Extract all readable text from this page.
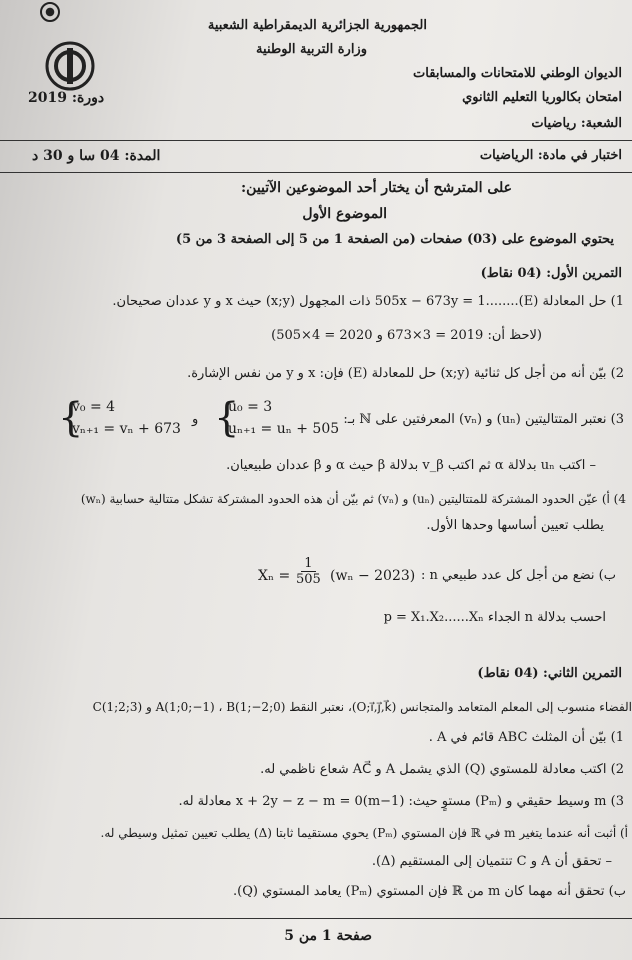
الجمهورية الجزائرية الديمقراطية الشعبية
وزارة التربية الوطنية
الديوان الوطني للامتحانات والمسابقات
امتحان بكالوريا التعليم الثانوي
دورة: 2019
الشعبة: رياضيات
اختبار في مادة: الرياضيات
المدة: 04 سا و 30 د
على المترشح أن يختار أحد الموضوعين الآتيين:
الموضوع الأول
يحتوي الموضوع على (03) صفحات (من الصفحة 1 من 5 إلى الصفحة 3 من 5)
التمرين الأول: (04 نقاط)
1) حل المعادلة (E)........505x − 673y = 1 ذات المجهول (x;y) حيث x و y عددان صحيحان.
(لاحظ أن: 2019 = 3×673 و 2020 = 4×505)
2) بيّن أنه من أجل كل ثنائية (x;y) حل للمعادلة (E) فإن: x و y من نفس الإشارة.
3) نعتبر المتتاليتين (uₙ) و (vₙ) المعرفتين على ℕ بـ:
{
u₀ = 3
uₙ₊₁ = uₙ + 505
و
{
v₀ = 4
vₙ₊₁ = vₙ + 673
– اكتب uₙ بدلالة α ثم اكتب v_β بدلالة β حيث α و β عددان طبيعيان.
4) أ) عيّن الحدود المشتركة للمتتاليتين (uₙ) و (vₙ) ثم بيّن أن هذه الحدود المشتركة تشكل متتالية حسابية (wₙ)
يطلب تعيين أساسها وحدها الأول.
ب) نضع من أجل كل عدد طبيعي n :
$X_n = \frac{1}{505} (w_n - 2023)$
احسب بدلالة n الجداء p = X₁.X₂......Xₙ
التمرين الثاني: (04 نقاط)
الفضاء منسوب إلى المعلم المتعامد والمتجانس (O;i⃗,j⃗,k⃗)، نعتبر النقط A(1;0;−1) ، B(1;−2;0) و C(1;2;3)
1) بيّن أن المثلث ABC قائم في A .
2) اكتب معادلة للمستوي (Q) الذي يشمل A و AC⃗ شعاع ناظمي له.
3) m وسيط حقيقي و (Pₘ) مستوٍ حيث: (m−1)x + 2y − z − m = 0 معادلة له.
أ) أثبت أنه عندما يتغير m في ℝ فإن المستوي (Pₘ) يحوي مستقيما ثابتا (Δ) يطلب تعيين تمثيل وسيطي له.
– تحقق أن A و C تنتميان إلى المستقيم (Δ).
ب) تحقق أنه مهما كان m من ℝ فإن المستوي (Pₘ) يعامد المستوي (Q).
صفحة 1 من 5
